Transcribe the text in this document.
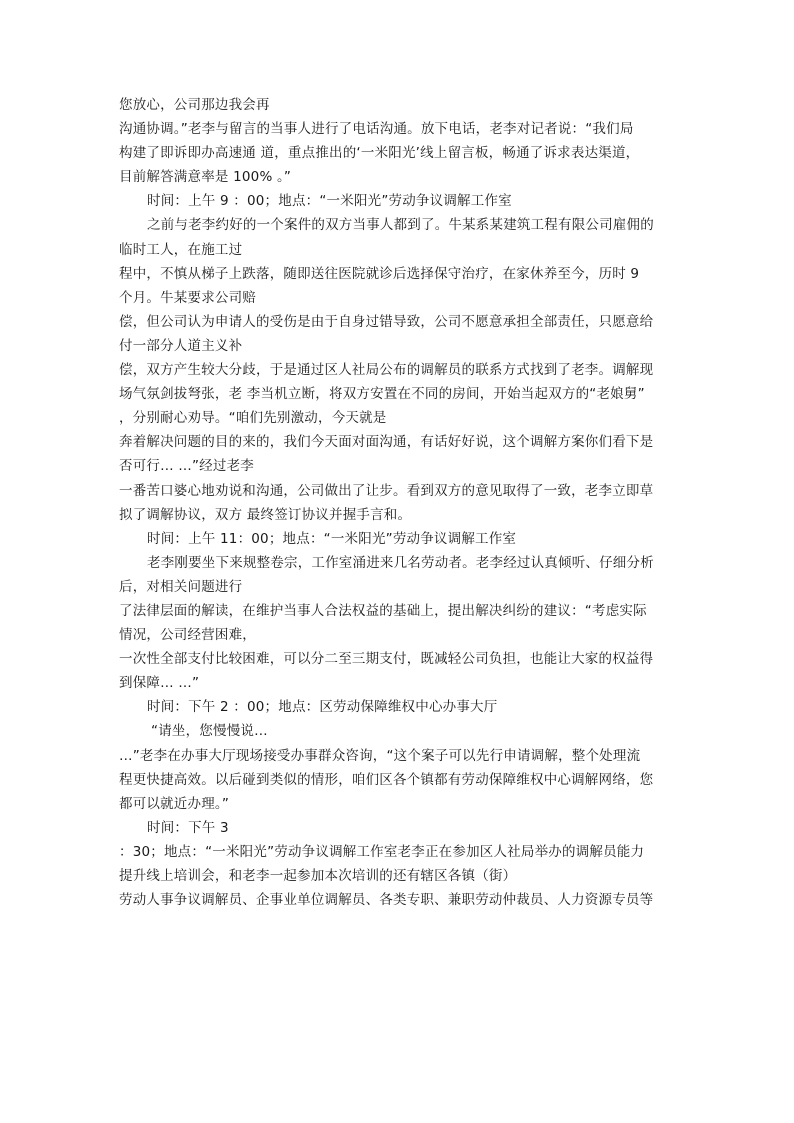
您放心，公司那边我会再
沟通协调。”老李与留言的当事人进行了电话沟通。放下电话，老李对记者说：“我们局
构建了即诉即办高速通 道，重点推出的‘一米阳光’线上留言板，畅通了诉求表达渠道，
目前解答满意率是 100% 。”
时间：上午 9 ：00；地点：“一米阳光”劳动争议调解工作室
之前与老李约好的一个案件的双方当事人都到了。牛某系某建筑工程有限公司雇佣的
临时工人，在施工过
程中，不慎从梯子上跌落，随即送往医院就诊后选择保守治疗，在家休养至今，历时 9
个月。牛某要求公司赔
偿，但公司认为申请人的受伤是由于自身过错导致，公司不愿意承担全部责任，只愿意给
付一部分人道主义补
偿，双方产生较大分歧，于是通过区人社局公布的调解员的联系方式找到了老李。调解现
场气氛剑拔弩张，老 李当机立断，将双方安置在不同的房间，开始当起双方的“老娘舅”
，分别耐心劝导。“咱们先别激动，今天就是
奔着解决问题的目的来的，我们今天面对面沟通，有话好好说，这个调解方案你们看下是
否可行… …”经过老李
一番苦口婆心地劝说和沟通，公司做出了让步。看到双方的意见取得了一致，老李立即草
拟了调解协议，双方 最终签订协议并握手言和。
时间：上午 11：00；地点：“一米阳光”劳动争议调解工作室
老李刚要坐下来规整卷宗，工作室涌进来几名劳动者。老李经过认真倾听、仔细分析
后，对相关问题进行
了法律层面的解读，在维护当事人合法权益的基础上，提出解决纠纷的建议：“考虑实际
情况，公司经营困难，
一次性全部支付比较困难，可以分二至三期支付，既减轻公司负担，也能让大家的权益得
到保障… …”
时间：下午 2 ：00；地点：区劳动保障维权中心办事大厅
“请坐，您慢慢说…
…”老李在办事大厅现场接受办事群众咨询，“这个案子可以先行申请调解，整个处理流
程更快捷高效。以后碰到类似的情形，咱们区各个镇都有劳动保障维权中心调解网络，您
都可以就近办理。”
时间：下午 3
：30；地点：“一米阳光”劳动争议调解工作室老李正在参加区人社局举办的调解员能力
提升线上培训会，和老李一起参加本次培训的还有辖区各镇（街）
劳动人事争议调解员、企事业单位调解员、各类专职、兼职劳动仲裁员、人力资源专员等
